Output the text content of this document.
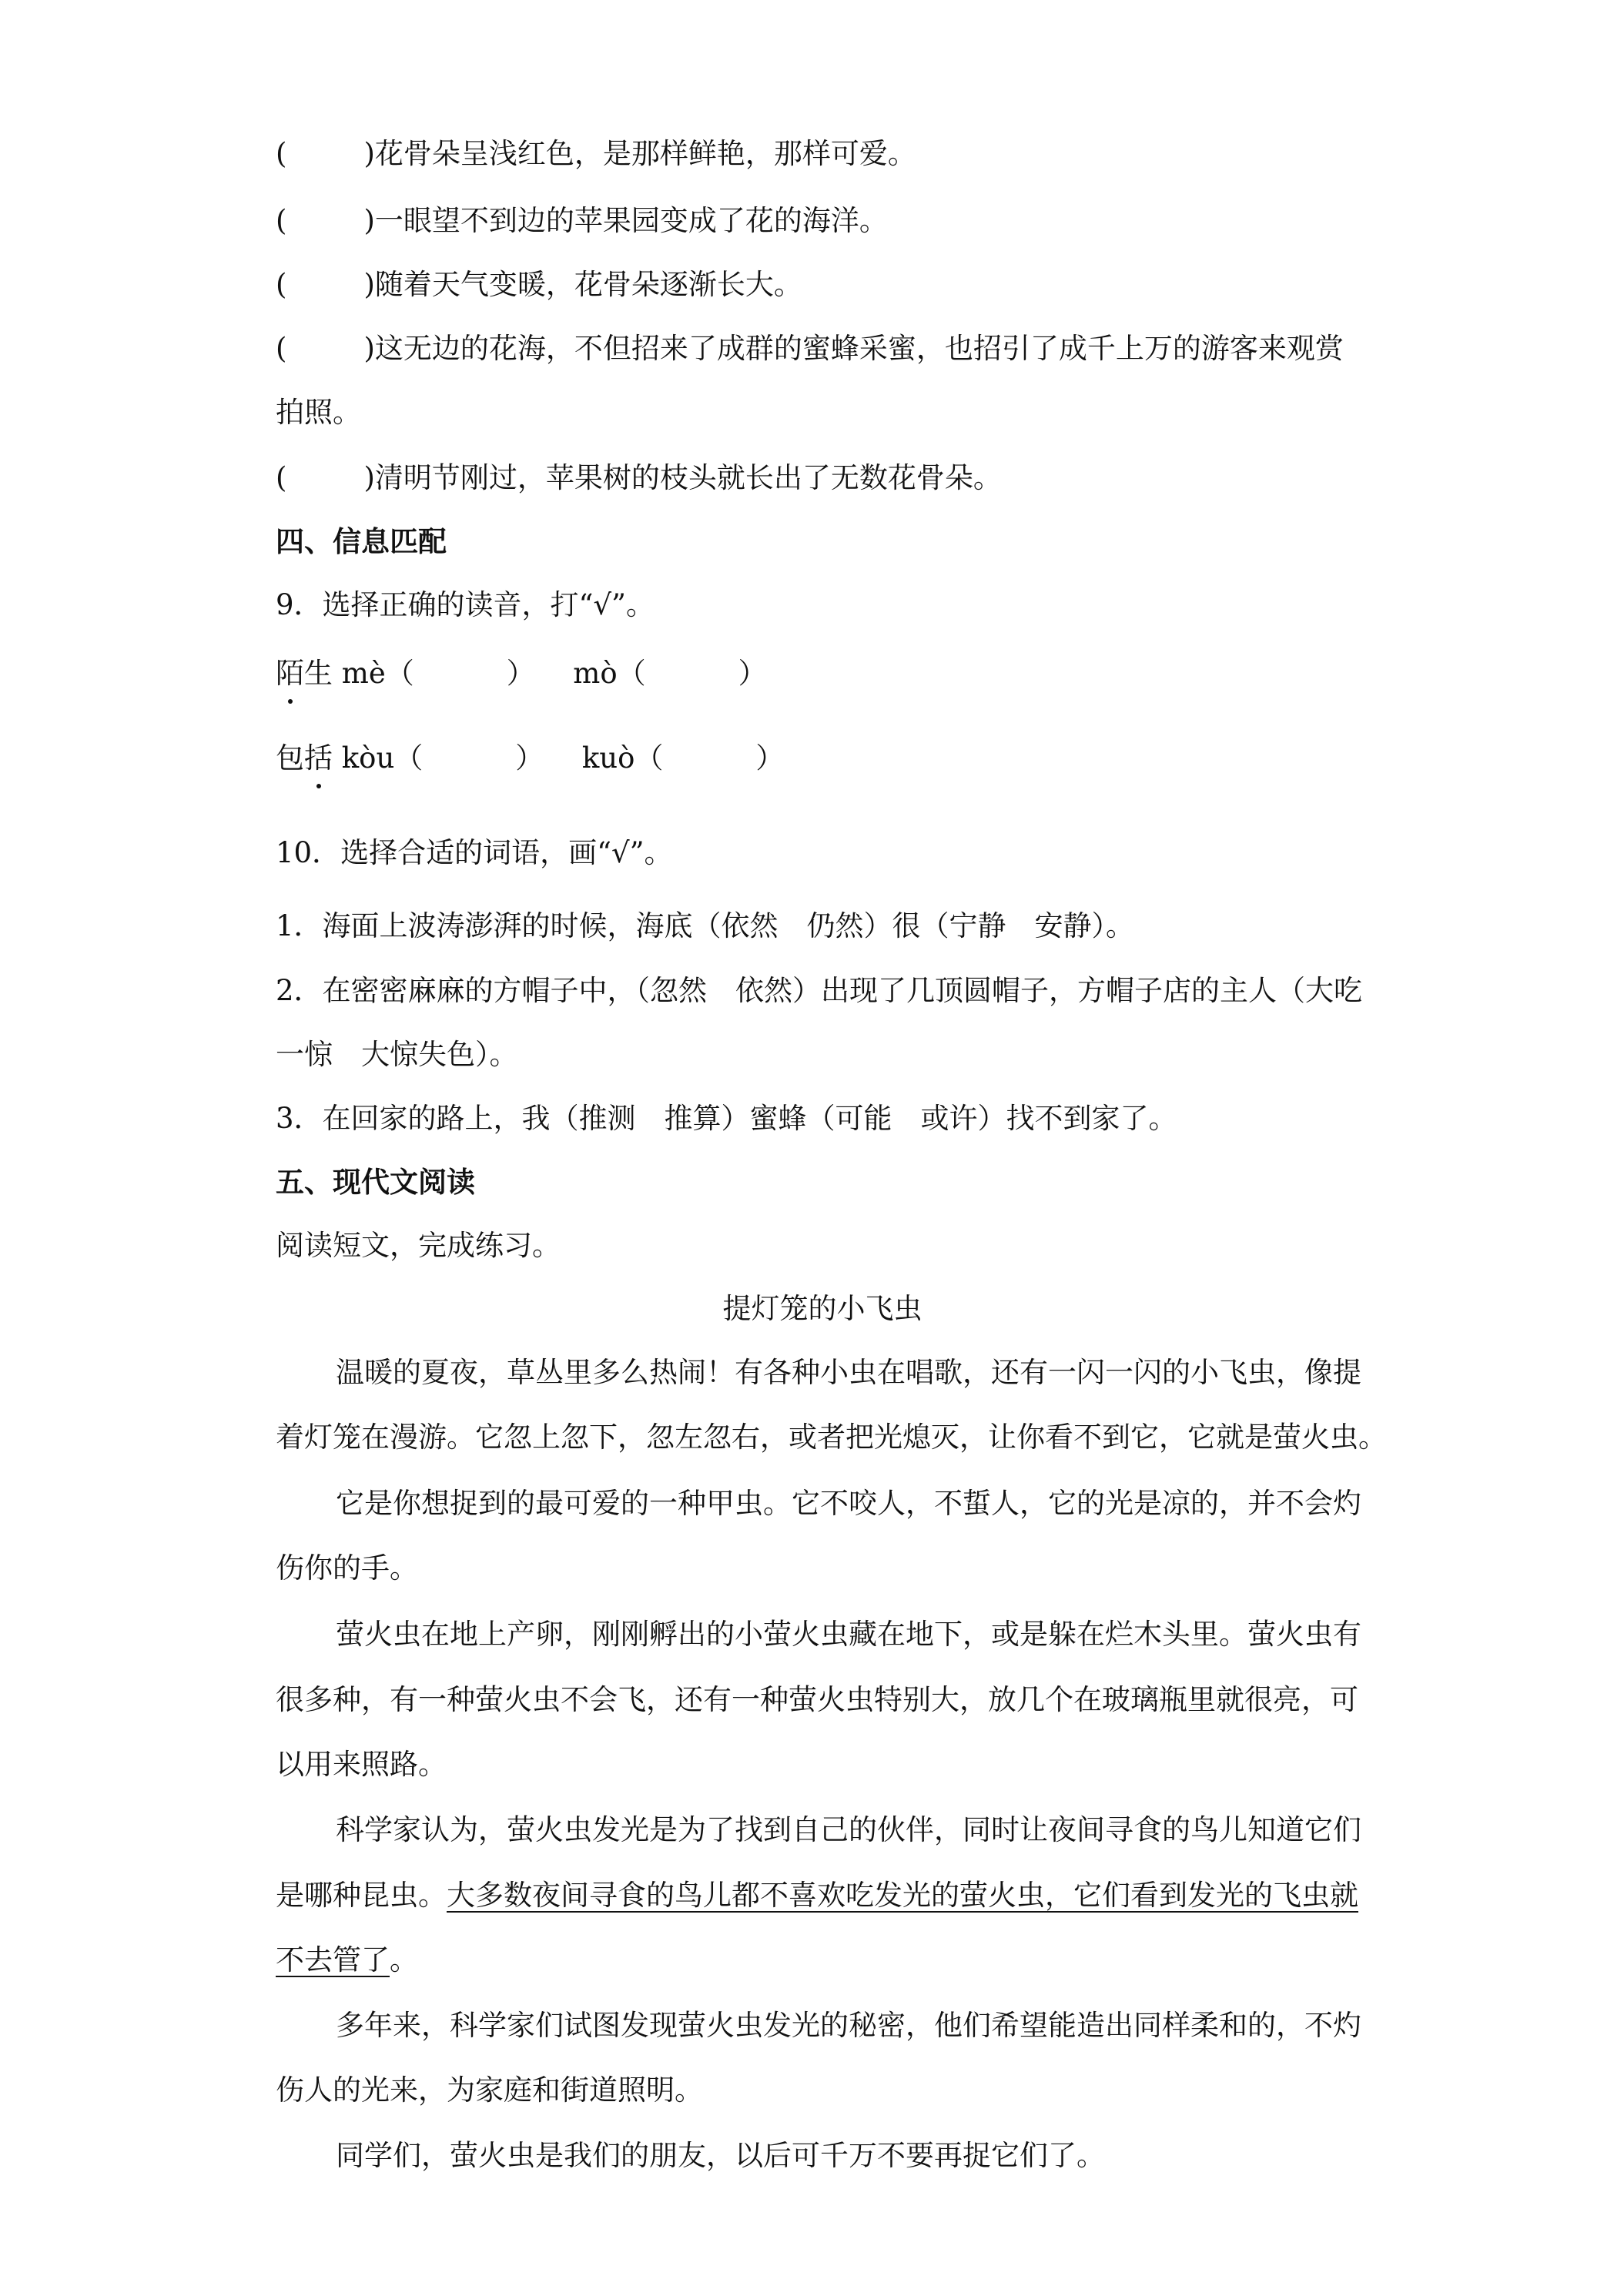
(	)花骨朵呈浅红色，是那样鲜艳，那样可爱。
(	)一眼望不到边的苹果园变成了花的海洋。
(	)随着天气变暖，花骨朵逐渐长大。
(	)这无边的花海，不但招来了成群的蜜蜂采蜜，也招引了成千上万的游客来观赏
拍照。
(	)清明节刚过，苹果树的枝头就长出了无数花骨朵。
四、信息匹配
9．选择正确的读音，打“√”。
陌生 mè（	） mò（	）
包括 kòu（	） kuò（	）
10．选择合适的词语，画“√”。
1．海面上波涛澎湃的时候，海底（依然　仍然）很（宁静　安静）。
2．在密密麻麻的方帽子中，（忽然　依然）出现了几顶圆帽子，方帽子店的主人（大吃
一惊　大惊失色）。
3．在回家的路上，我（推测　推算）蜜蜂（可能　或许）找不到家了。
五、现代文阅读
阅读短文，完成练习。
提灯笼的小飞虫
温暖的夏夜，草丛里多么热闹！有各种小虫在唱歌，还有一闪一闪的小飞虫，像提
着灯笼在漫游。它忽上忽下，忽左忽右，或者把光熄灭，让你看不到它，它就是萤火虫。
它是你想捉到的最可爱的一种甲虫。它不咬人，不蜇人，它的光是凉的，并不会灼
伤你的手。
萤火虫在地上产卵，刚刚孵出的小萤火虫藏在地下，或是躲在烂木头里。萤火虫有
很多种，有一种萤火虫不会飞，还有一种萤火虫特别大，放几个在玻璃瓶里就很亮，可
以用来照路。
科学家认为，萤火虫发光是为了找到自己的伙伴，同时让夜间寻食的鸟儿知道它们
是哪种昆虫。大多数夜间寻食的鸟儿都不喜欢吃发光的萤火虫，它们看到发光的飞虫就
不去管了。
多年来，科学家们试图发现萤火虫发光的秘密，他们希望能造出同样柔和的，不灼
伤人的光来，为家庭和街道照明。
同学们，萤火虫是我们的朋友，以后可千万不要再捉它们了。
